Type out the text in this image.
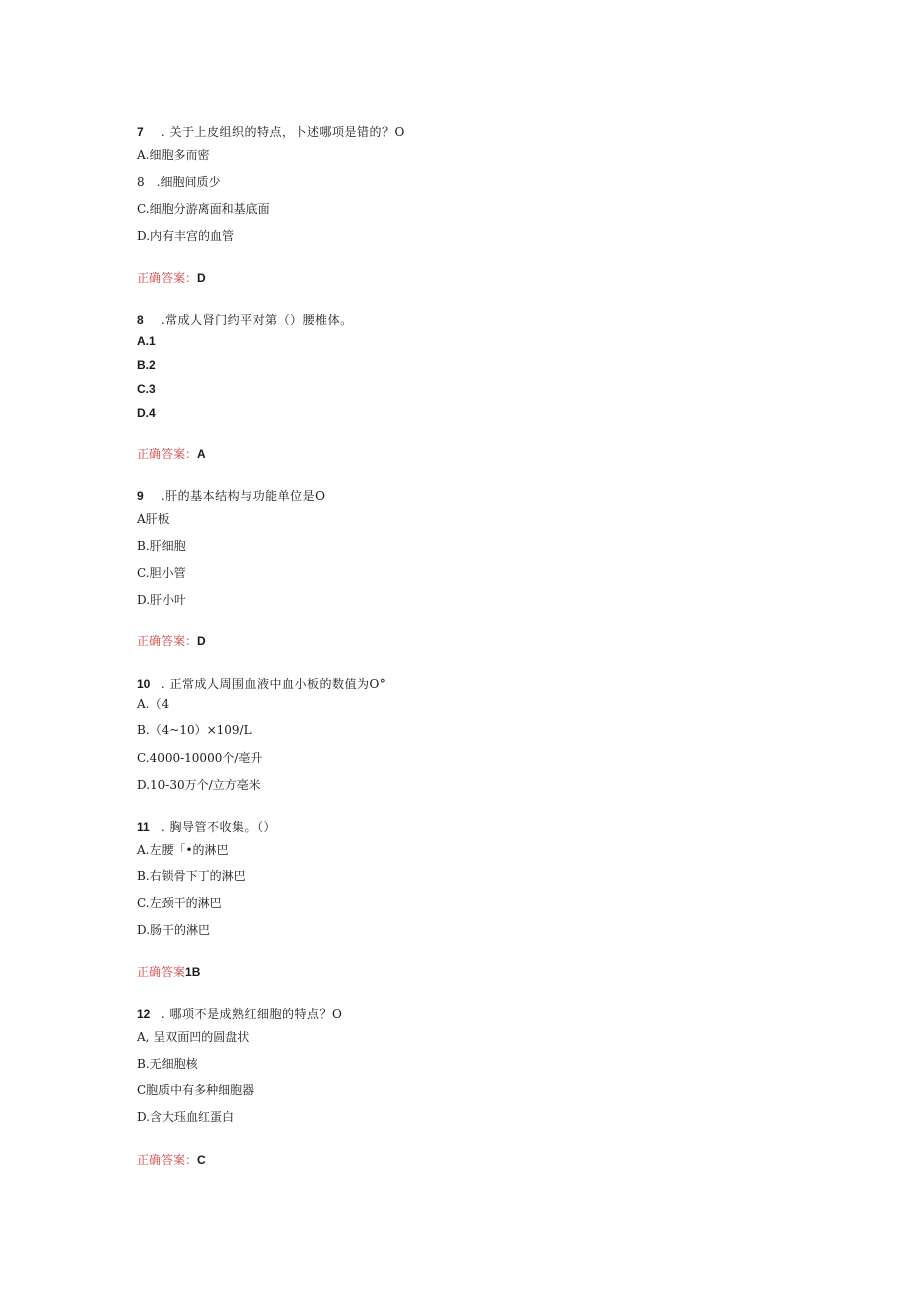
7 . 关于上皮组织的特点，卜述哪项是错的？O
A.细胞多而密
8　.细胞间质少
C.细胞分游离面和基底面
D.内有丰宫的血管
正确答案：D
8 .常成人肾门约平对第（）腰椎体。
A.1
B.2
C.3
D.4
正确答案：A
9 .肝的基本结构与功能单位是O
A肝板
B.肝细胞
C.胆小管
D.肝小叶
正确答案：D
10 . 正常成人周围血液中血小板的数值为O°
A.（4
B.（4~10）×109/L
C.4000-10000个/亳升
D.10-30万个/立方亳米
11 . 胸导管不收集。（）
A.左腰「•的淋巴
B.右锁骨下丁的淋巴
C.左颈干的淋巴
D.肠干的淋巴
正确答案1B
12 . 哪项不是成熟红细胞的特点？O
A, 呈双面凹的圆盘状
B.无细胞核
C胞质中有多种细胞器
D.含大珏血红蛋白
正确答案：C
